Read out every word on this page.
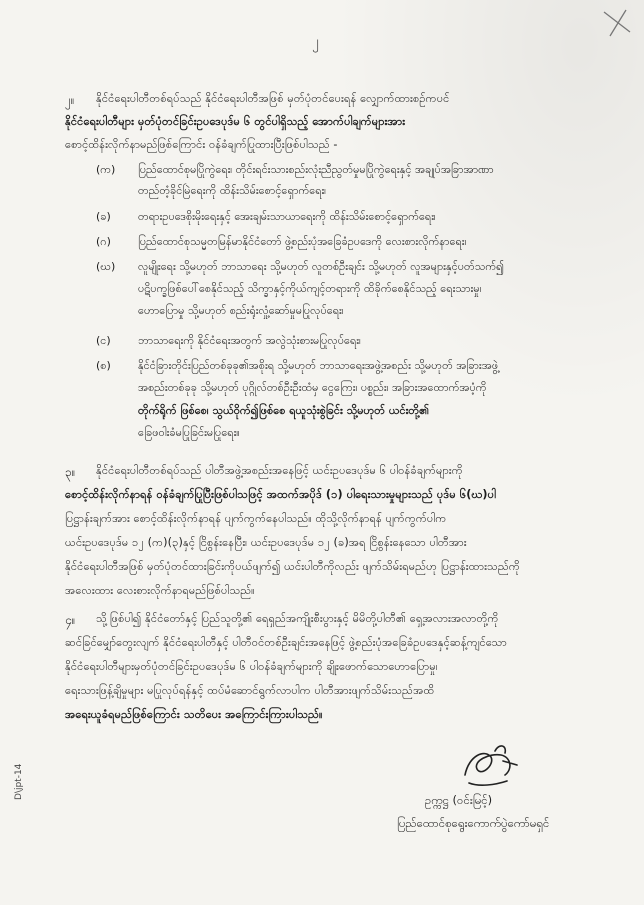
၂
၂။ နိုင်ငံရေးပါတီတစ်ရပ်သည် နိုင်ငံရေးပါတီအဖြစ် မှတ်ပုံတင်ပေးရန် လျှောက်ထားစဉ်ကပင်
နိုင်ငံရေးပါတီများ မှတ်ပုံတင်ခြင်းဥပဒေပုဒ်မ ၆ တွင်ပါရှိသည့် အောက်ပါချက်များအား
စောင့်ထိန်းလိုက်နာမည်ဖြစ်ကြောင်း ဝန်ခံချက်ပြုထားပြီးဖြစ်ပါသည် -
(က)	ပြည်ထောင်စုမပြိုကွဲရေး၊ တိုင်းရင်းသားစည်းလုံးညီညွတ်မှုမပြိုကွဲရေးနှင့် အချုပ်အခြာအာဏာ
တည်တံ့ခိုင်မြဲရေးကို ထိန်းသိမ်းစောင့်ရှောက်ရေး၊
(ခ)	တရားဥပဒေစိုးမိုးရေးနှင့် အေးချမ်းသာယာရေးကို ထိန်းသိမ်းစောင့်ရှောက်ရေး၊
(ဂ)	ပြည်ထောင်စုသမ္မတမြန်မာနိုင်ငံတော် ဖွဲ့စည်းပုံအခြေခံဥပဒေကို လေးစားလိုက်နာရေး၊
(ဃ)	လူမျိုးရေး သို့မဟုတ် ဘာသာရေး သို့မဟုတ် လူတစ်ဦးချင်း သို့မဟုတ် လူအများနှင့်ပတ်သက်၍
ပဋိပက္ခဖြစ်ပေါ်စေနိုင်သည့် သိက္ခာနှင့်ကိုယ်ကျင့်တရားကို ထိခိုက်စေနိုင်သည့် ရေးသားမှု၊
ဟောပြောမှု သို့မဟုတ် စည်းရုံးလှုံ့ဆော်မှုမပြုလုပ်ရေး၊
(င)	ဘာသာရေးကို နိုင်ငံရေးအတွက် အလွဲသုံးစားမပြုလုပ်ရေး၊
(စ)	နိုင်ငံခြားတိုင်းပြည်တစ်ခုခု၏အစိုးရ သို့မဟုတ် ဘာသာရေးအဖွဲ့အစည်း သို့မဟုတ် အခြားအဖွဲ့
အစည်းတစ်ခုခု သို့မဟုတ် ပုဂ္ဂိုလ်တစ်ဦးဦးထံမှ ငွေကြေး၊ ပစ္စည်း၊ အခြားအထောက်အပံ့ကို
တိုက်ရိုက် ဖြစ်စေ၊ သွယ်ဝိုက်၍ဖြစ်စေ ရယူသုံးစွဲခြင်း သို့မဟုတ် ယင်းတို့၏
ခြေဖ၀ါးခံမပြုခြင်းမပြုရေး။
၃။ နိုင်ငံရေးပါတီတစ်ရပ်သည် ပါတီအဖွဲ့အစည်းအနေဖြင့် ယင်းဥပဒေပုဒ်မ ၆ ပါဝန်ခံချက်များကို
စောင့်ထိန်းလိုက်နာရန် ဝန်ခံချက်ပြုပြီးဖြစ်ပါသဖြင့် အထက်အပိုဒ် (၁) ပါရေးသားမှုများသည် ပုဒ်မ ၆(ဃ)ပါ
ပြဋ္ဌာန်းချက်အား စောင့်ထိန်းလိုက်နာရန် ပျက်ကွက်နေပါသည်။ ထိုသို့လိုက်နာရန် ပျက်ကွက်ပါက
ယင်းဥပဒေပုဒ်မ ၁၂ (က)(၃)နှင့် ငြိစွန်းနေပြီး၊ ယင်းဥပဒေပုဒ်မ ၁၂ (ခ)အရ ငြိစွန်းနေသော ပါတီအား
နိုင်ငံရေးပါတီအဖြစ် မှတ်ပုံတင်ထားခြင်းကိုပယ်ဖျက်၍ ယင်းပါတီကိုလည်း ဖျက်သိမ်းရမည်ဟု ပြဋ္ဌာန်းထားသည်ကို
အလေးထား လေးစားလိုက်နာရမည်ဖြစ်ပါသည်။
၄။ သို့ဖြစ်ပါ၍ နိုင်ငံတော်နှင့် ပြည်သူတို့၏ ရေရှည်အကျိုးစီးပွားနှင့် မိမိတို့ပါတီ၏ ရှေ့အလားအလာတို့ကို
ဆင်ခြင်မျှော်တွေးလျက် နိုင်ငံရေးပါတီနှင့် ပါတီဝင်တစ်ဦးချင်းအနေဖြင့် ဖွဲ့စည်းပုံအခြေခံဥပဒေနှင့်ဆန့်ကျင်သော
နိုင်ငံရေးပါတီများမှတ်ပုံတင်ခြင်းဥပဒေပုဒ်မ ၆ ပါဝန်ခံချက်များကို ချိုးဖောက်သောဟောပြောမှု၊
ရေးသားဖြန့်ချိမှုများ မပြုလုပ်ရန်နှင့် ထပ်မံဆောင်ရွက်လာပါက ပါတီအားဖျက်သိမ်းသည်အထိ
အရေးယူခံရမည်ဖြစ်ကြောင်း သတိပေး အကြောင်းကြားပါသည်။
ဥက္ကဋ္ဌ (ဝင်းမြင့်)
ပြည်ထောင်စုရွေးကောက်ပွဲကော်မရှင်
D\jpt-14
